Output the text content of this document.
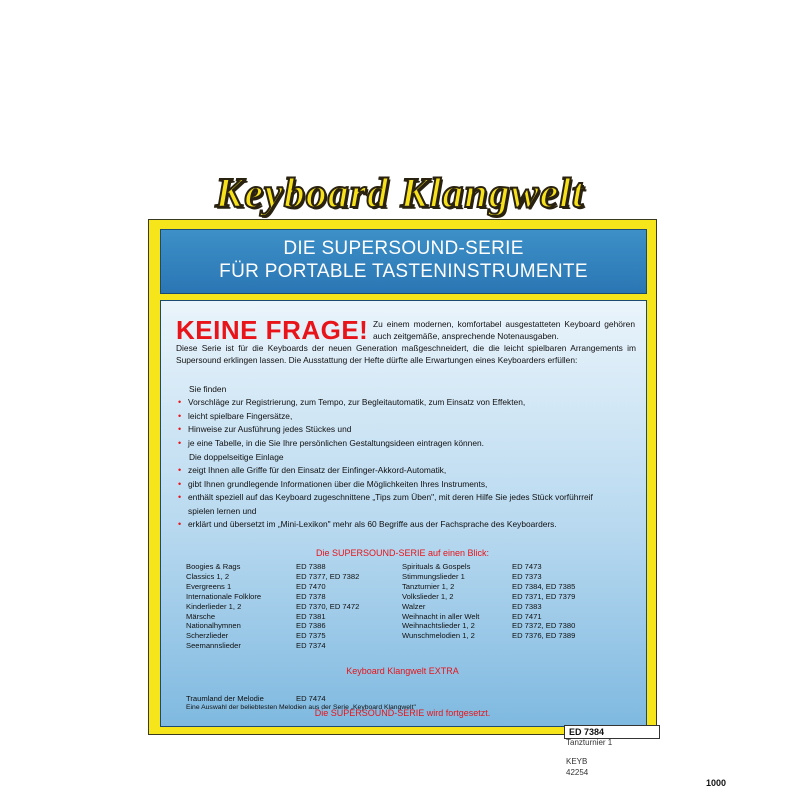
Keyboard Klangwelt
DIE SUPERSOUND-SERIE
FÜR PORTABLE TASTENINSTRUMENTE
KEINE FRAGE! Zu einem modernen, komfortabel ausgestatteten Keyboard gehören auch zeitgemäße, ansprechende Notenausgaben.
Diese Serie ist für die Keyboards der neuen Generation maßgeschneidert, die die leicht spielbaren Arrangements im Supersound erklingen lassen. Die Ausstattung der Hefte dürfte alle Erwartungen eines Keyboarders erfüllen:
Sie finden
• Vorschläge zur Registrierung, zum Tempo, zur Begleitautomatik, zum Einsatz von Effekten,
• leicht spielbare Fingersätze,
• Hinweise zur Ausführung jedes Stückes und
• je eine Tabelle, in die Sie Ihre persönlichen Gestaltungsideen eintragen können.
Die doppelseitige Einlage
• zeigt Ihnen alle Griffe für den Einsatz der Einfinger-Akkord-Automatik,
• gibt Ihnen grundlegende Informationen über die Möglichkeiten Ihres Instruments,
• enthält speziell auf das Keyboard zugeschnittene „Tips zum Üben", mit deren Hilfe Sie jedes Stück vorführreif spielen lernen und
• erklärt und übersetzt im „Mini-Lexikon" mehr als 60 Begriffe aus der Fachsprache des Keyboarders.
Die SUPERSOUND-SERIE auf einen Blick:
Boogies & Rags	ED 7388
Classics 1, 2	ED 7377, ED 7382
Evergreens 1	ED 7470
Internationale Folklore	ED 7378
Kinderlieder 1, 2	ED 7370, ED 7472
Märsche	ED 7381
Nationalhymnen	ED 7386
Scherzlieder	ED 7375
Seemannslieder	ED 7374
Spirituals & Gospels	ED 7473
Stimmungslieder 1	ED 7373
Tanzturnier 1, 2	ED 7384, ED 7385
Volkslieder 1, 2	ED 7371, ED 7379
Walzer	ED 7383
Weihnacht in aller Welt	ED 7471
Weihnachtslieder 1, 2	ED 7372, ED 7380
Wunschmelodien 1, 2	ED 7376, ED 7389
Keyboard Klangwelt EXTRA
Traumland der Melodie	ED 7474
Eine Auswahl der beliebtesten Melodien aus der Serie „Keyboard Klangwelt"
Die SUPERSOUND-SERIE wird fortgesetzt.
ED 7384
Tanzturnier 1
KEYB
42254
1000
